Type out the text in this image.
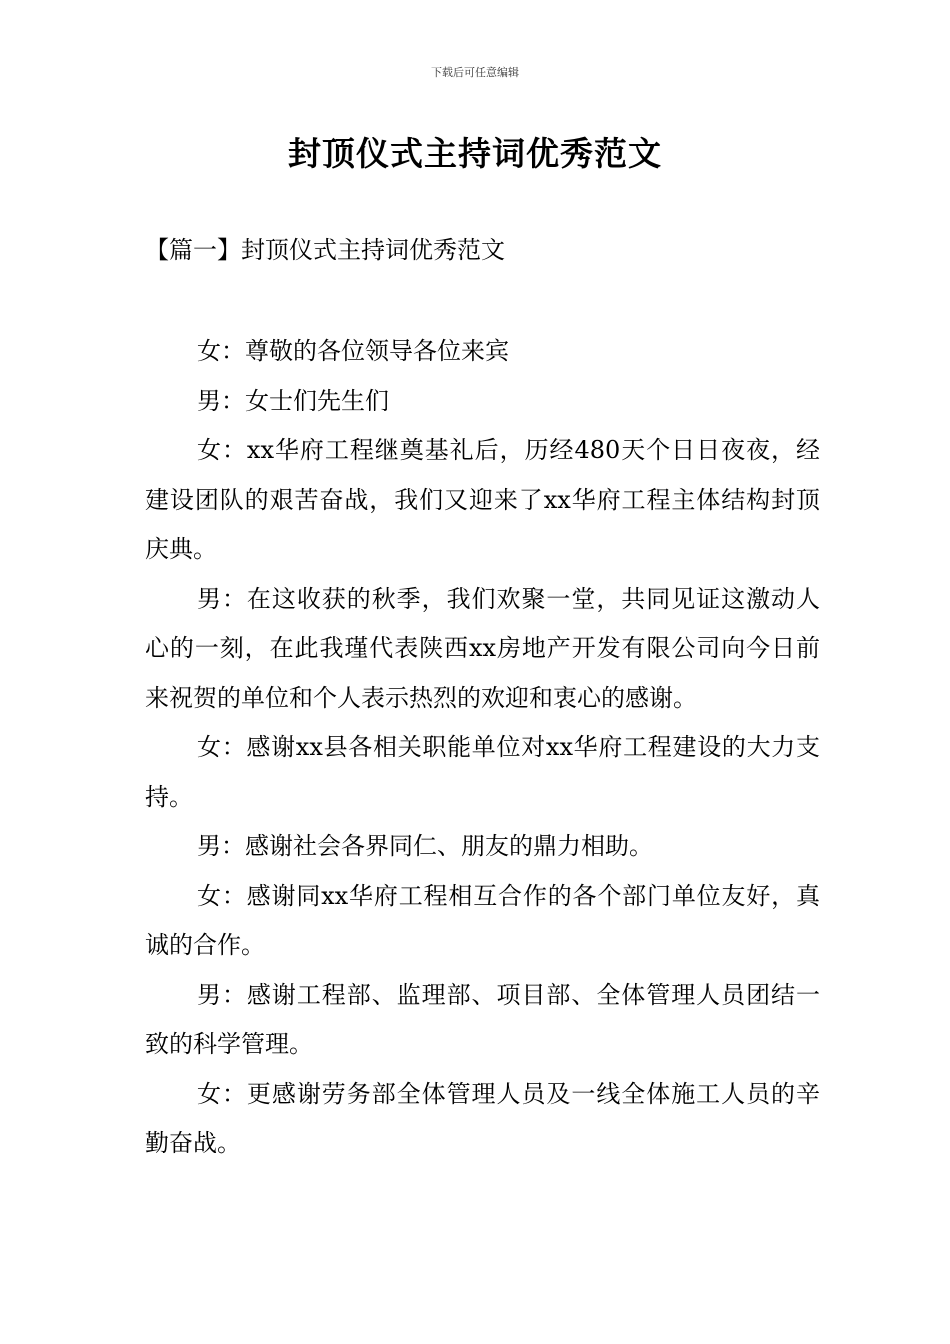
下载后可任意编辑
封顶仪式主持词优秀范文
【篇一】封顶仪式主持词优秀范文

女：尊敬的各位领导各位来宾

男：女士们先生们

女：xx华府工程继奠基礼后，历经480天个日日夜夜，经建设团队的艰苦奋战，我们又迎来了xx华府工程主体结构封顶庆典。

男：在这收获的秋季，我们欢聚一堂，共同见证这激动人心的一刻，在此我瑾代表陕西xx房地产开发有限公司向今日前来祝贺的单位和个人表示热烈的欢迎和衷心的感谢。

女：感谢xx县各相关职能单位对xx华府工程建设的大力支持。

男：感谢社会各界同仁、朋友的鼎力相助。

女：感谢同xx华府工程相互合作的各个部门单位友好，真诚的合作。

男：感谢工程部、监理部、项目部、全体管理人员团结一致的科学管理。

女：更感谢劳务部全体管理人员及一线全体施工人员的辛勤奋战。
